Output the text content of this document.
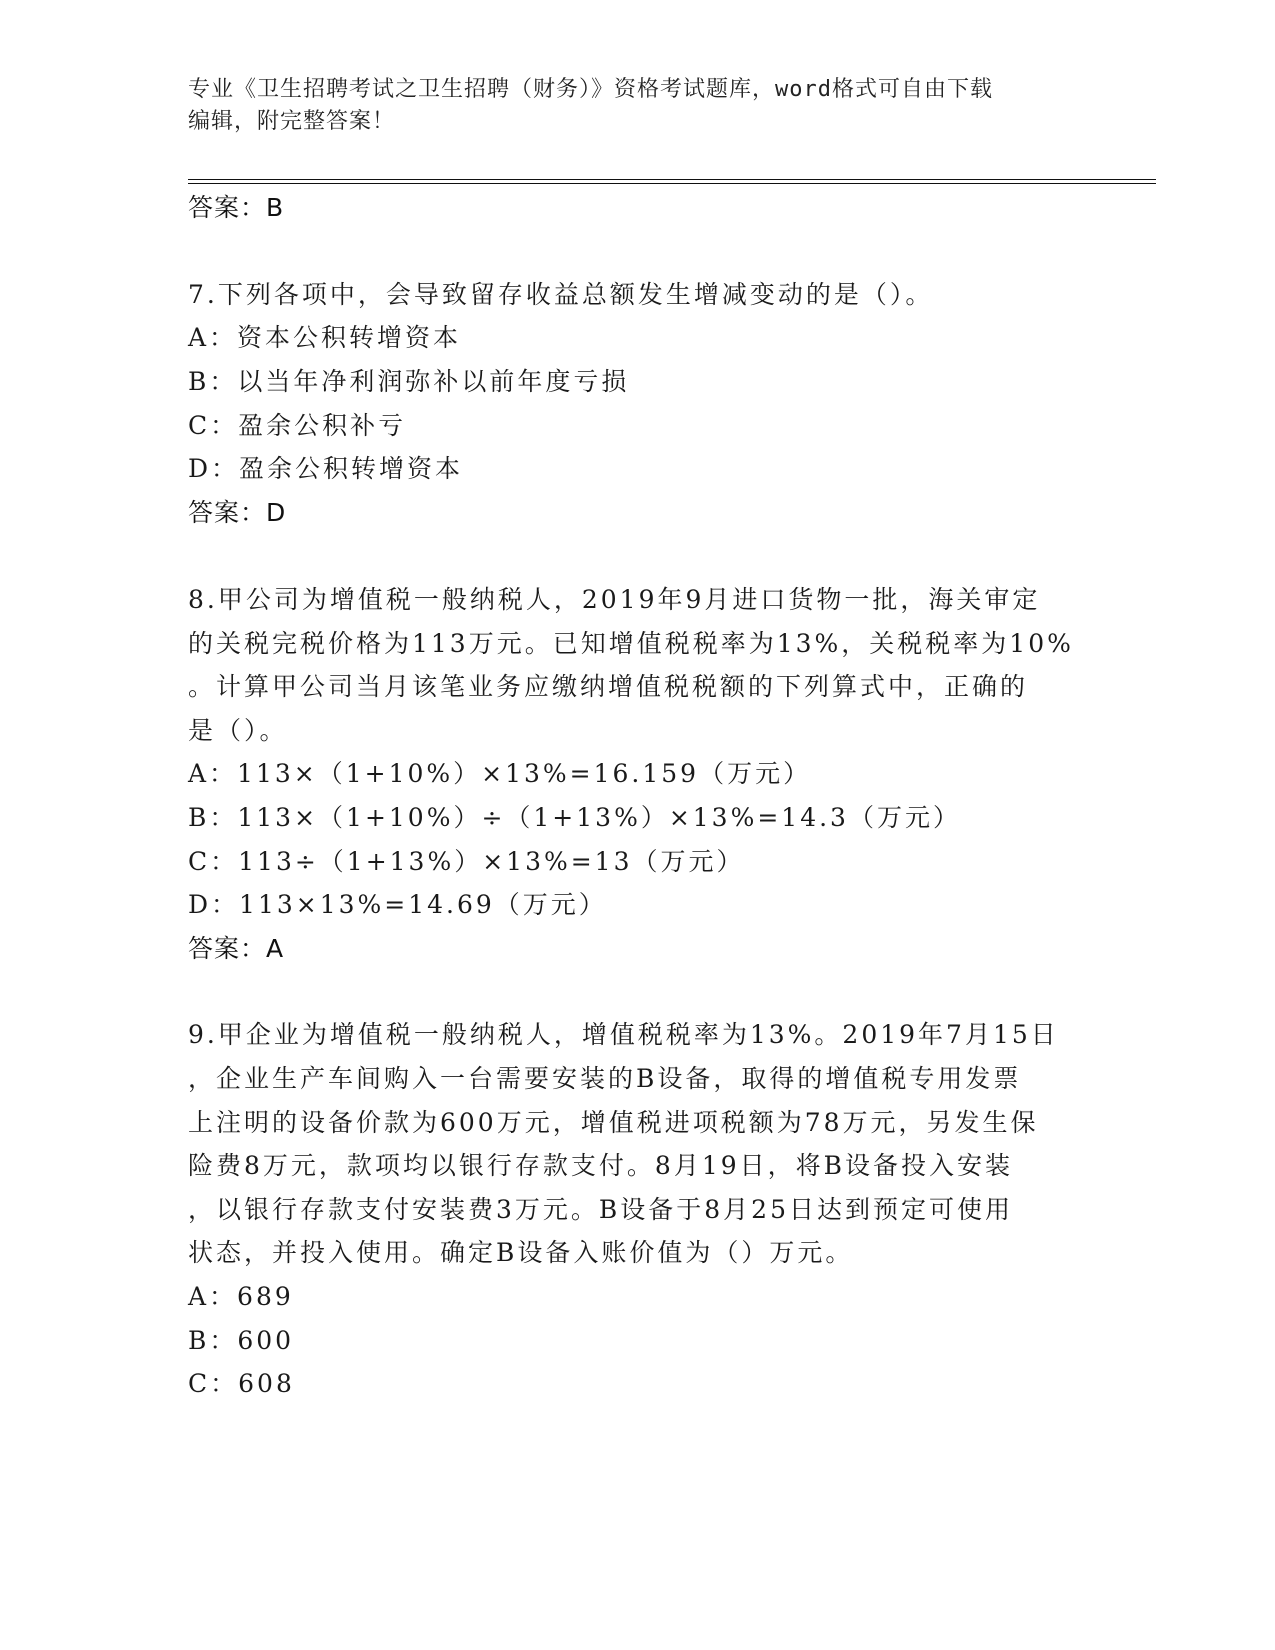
专业《卫生招聘考试之卫生招聘（财务）》资格考试题库，word格式可自由下载
编辑，附完整答案！
答案：B
7.下列各项中，会导致留存收益总额发生增减变动的是（）。
A：资本公积转增资本
B：以当年净利润弥补以前年度亏损
C：盈余公积补亏
D：盈余公积转增资本
答案：D
8.甲公司为增值税一般纳税人，2019年9月进口货物一批，海关审定
的关税完税价格为113万元。已知增值税税率为13%，关税税率为10%
。计算甲公司当月该笔业务应缴纳增值税税额的下列算式中，正确的
是（）。
A：113×（1+10%）×13%=16.159（万元）
B：113×（1+10%）÷（1+13%）×13%=14.3（万元）
C：113÷（1+13%）×13%=13（万元）
D：113×13%=14.69（万元）
答案：A
9.甲企业为增值税一般纳税人，增值税税率为13%。2019年7月15日
，企业生产车间购入一台需要安装的B设备，取得的增值税专用发票
上注明的设备价款为600万元，增值税进项税额为78万元，另发生保
险费8万元，款项均以银行存款支付。8月19日，将B设备投入安装
，以银行存款支付安装费3万元。B设备于8月25日达到预定可使用
状态，并投入使用。确定B设备入账价值为（）万元。
A：689
B：600
C：608
